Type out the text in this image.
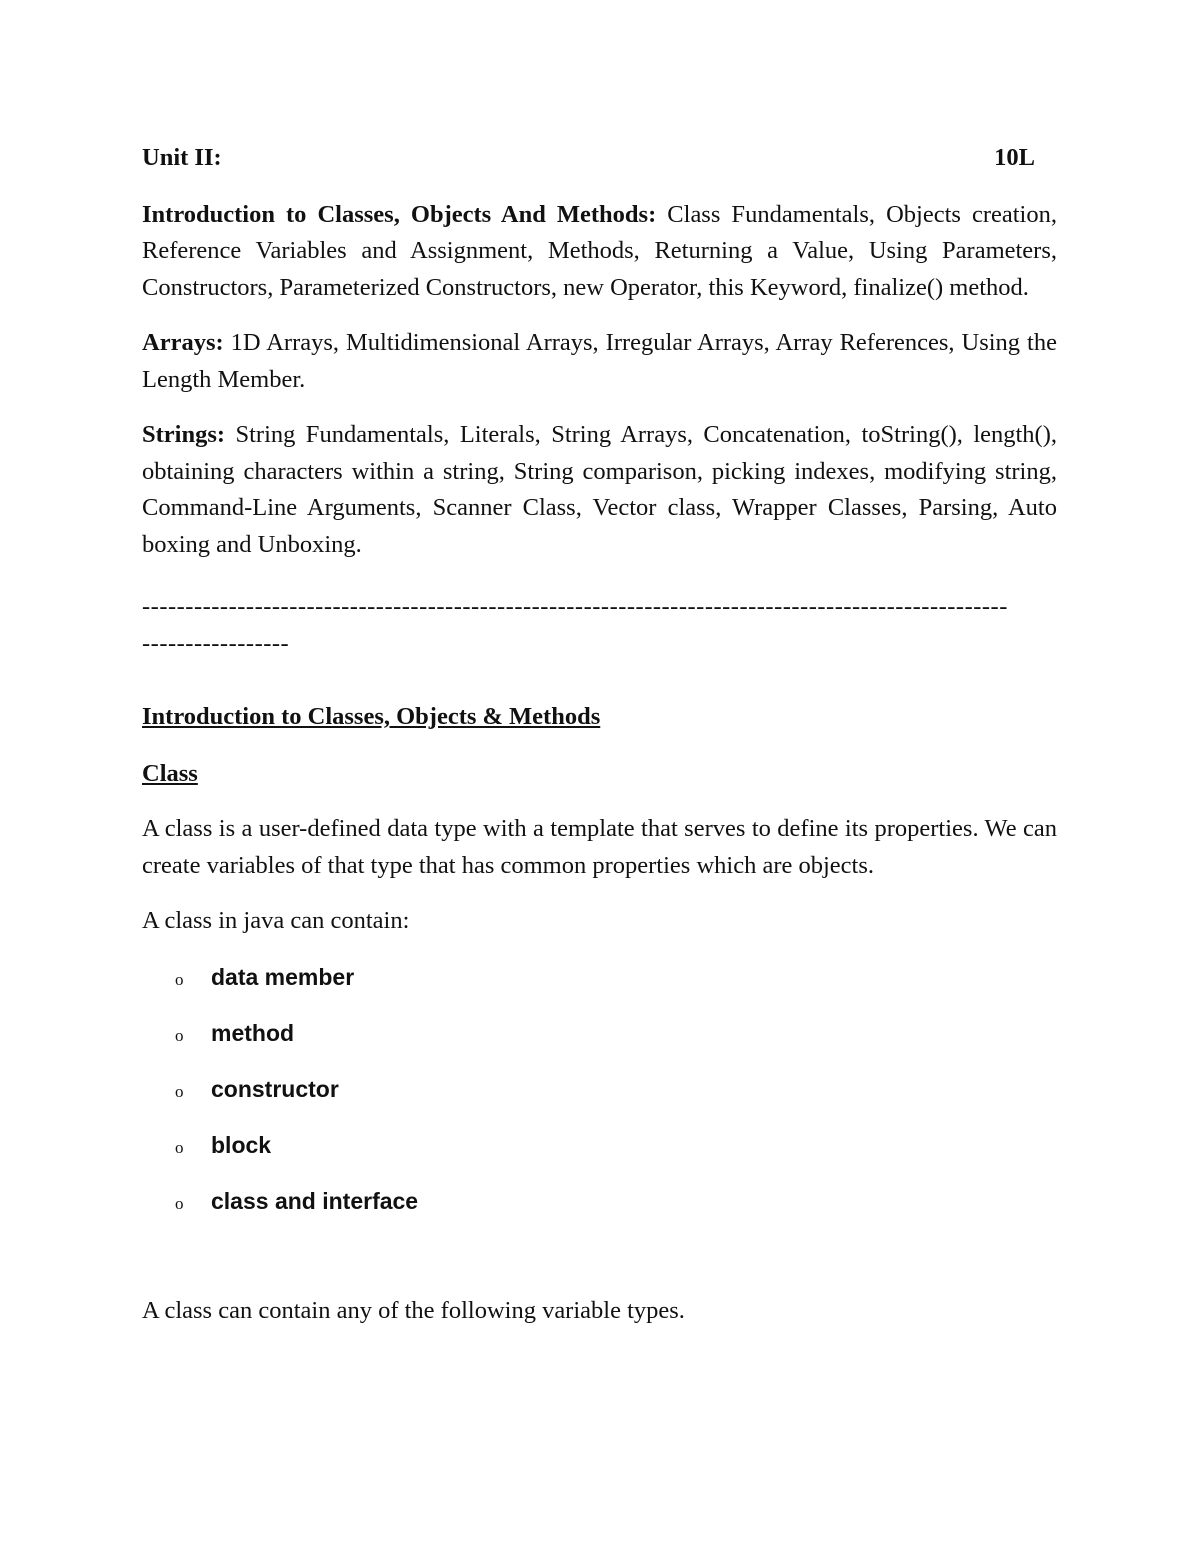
Unit II:	10L

Introduction to Classes, Objects And Methods: Class Fundamentals, Objects creation, Reference Variables and Assignment, Methods, Returning a Value, Using Parameters, Constructors, Parameterized Constructors, new Operator, this Keyword, finalize() method.

Arrays: 1D Arrays, Multidimensional Arrays, Irregular Arrays, Array References, Using the Length Member.

Strings: String Fundamentals, Literals, String Arrays, Concatenation, toString(), length(), obtaining characters within a string, String comparison, picking indexes, modifying string, Command-Line Arguments, Scanner Class, Vector class, Wrapper Classes, Parsing, Auto boxing and Unboxing.

----------------------------------------------------------------------------------------------------

-----------------

Introduction to Classes, Objects & Methods

Class

A class is a user-defined data type with a template that serves to define its properties. We can create variables of that type that has common properties which are objects.

A class in java can contain:

o	data member
o	method
o	constructor
o	block
o	class and interface

A class can contain any of the following variable types.
